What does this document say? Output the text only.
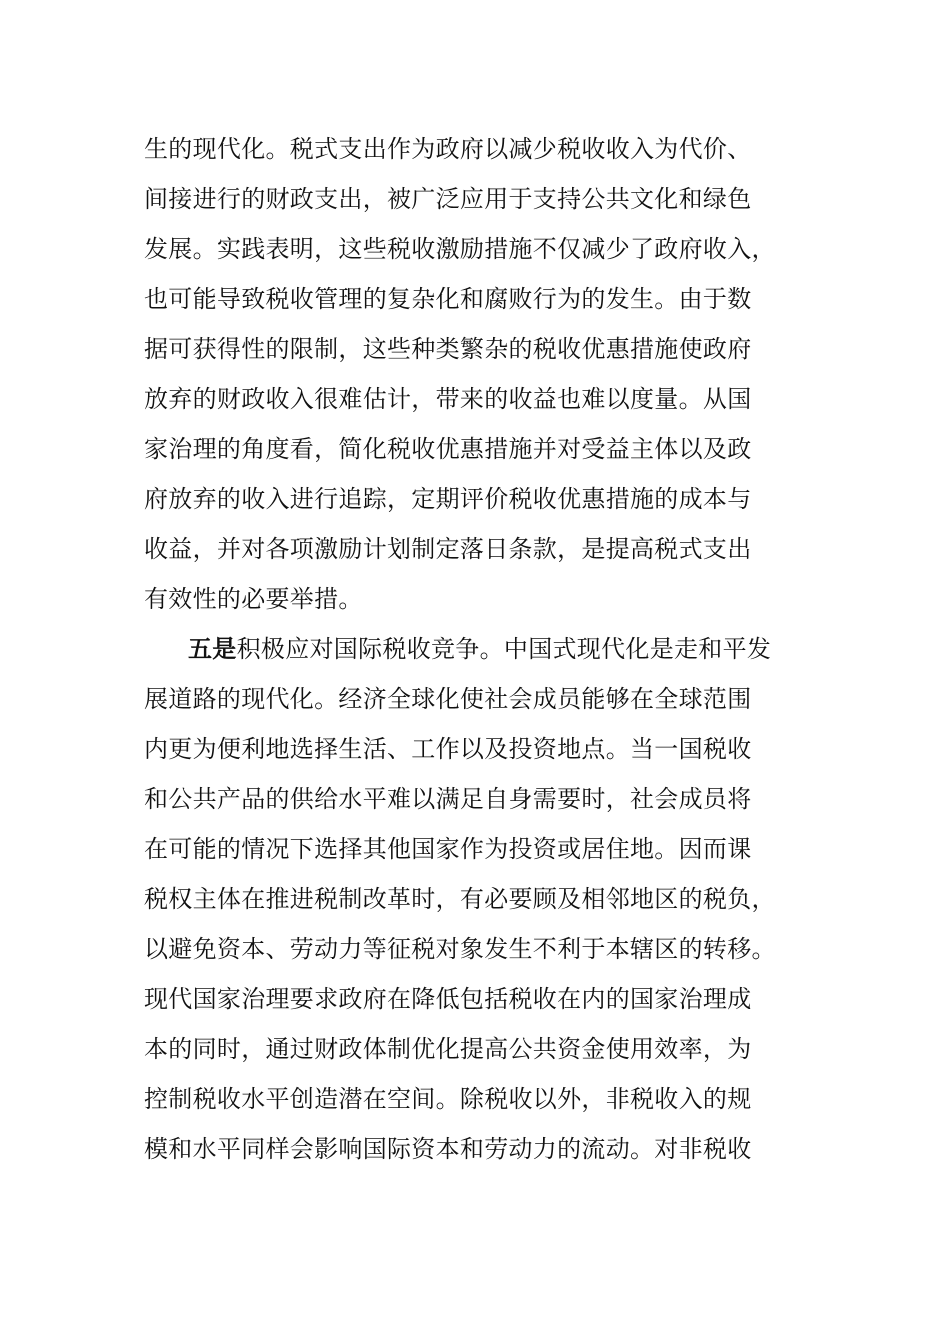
生的现代化。税式支出作为政府以减少税收收入为代价、
间接进行的财政支出，被广泛应用于支持公共文化和绿色
发展。实践表明，这些税收激励措施不仅减少了政府收入，
也可能导致税收管理的复杂化和腐败行为的发生。由于数
据可获得性的限制，这些种类繁杂的税收优惠措施使政府
放弃的财政收入很难估计，带来的收益也难以度量。从国
家治理的角度看，简化税收优惠措施并对受益主体以及政
府放弃的收入进行追踪，定期评价税收优惠措施的成本与
收益，并对各项激励计划制定落日条款，是提高税式支出
有效性的必要举措。
五是积极应对国际税收竞争。中国式现代化是走和平发
展道路的现代化。经济全球化使社会成员能够在全球范围
内更为便利地选择生活、工作以及投资地点。当一国税收
和公共产品的供给水平难以满足自身需要时，社会成员将
在可能的情况下选择其他国家作为投资或居住地。因而课
税权主体在推进税制改革时，有必要顾及相邻地区的税负，
以避免资本、劳动力等征税对象发生不利于本辖区的转移。
现代国家治理要求政府在降低包括税收在内的国家治理成
本的同时，通过财政体制优化提高公共资金使用效率，为
控制税收水平创造潜在空间。除税收以外，非税收入的规
模和水平同样会影响国际资本和劳动力的流动。对非税收
